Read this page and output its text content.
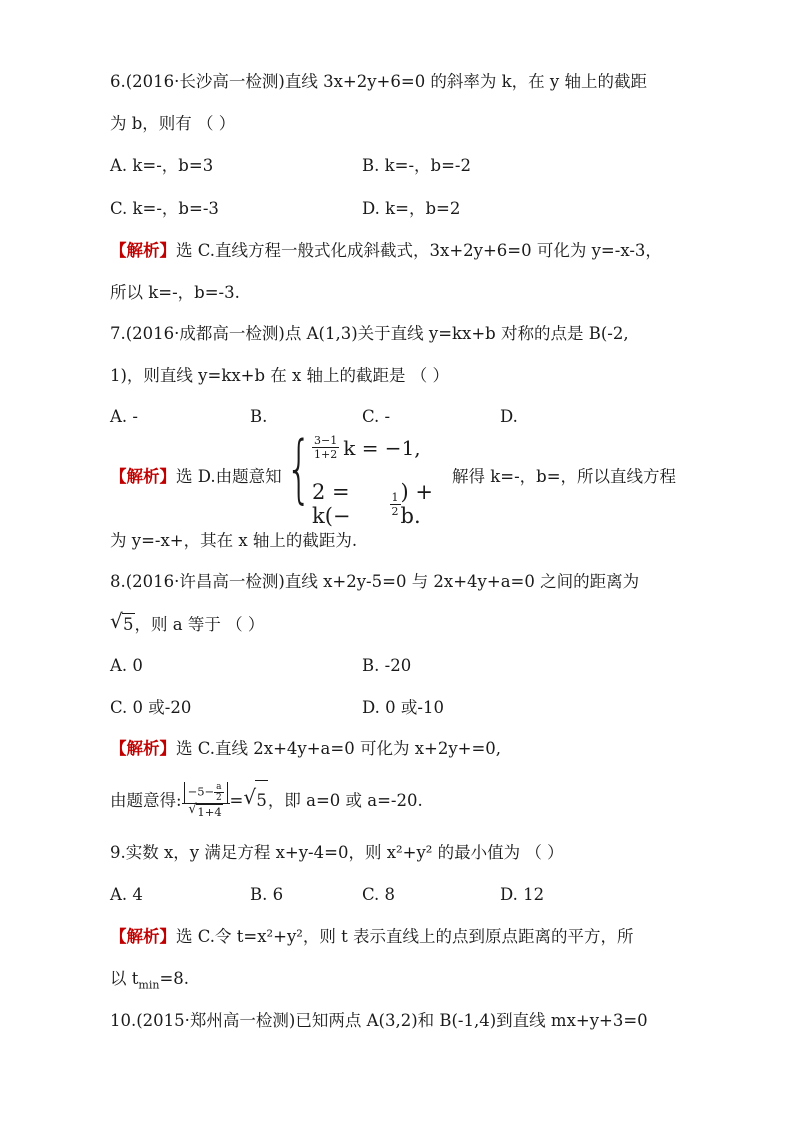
6.(2016·长沙高一检测)直线 3x+2y+6=0 的斜率为 k，在 y 轴上的截距
为 b，则有 （ ）
A. k=-，b=3	B. k=-，b=-2
C. k=-，b=-3	D. k=，b=2
【解析】选 C.直线方程一般式化成斜截式，3x+2y+6=0 可化为 y=-x-3，
所以 k=-，b=-3.
7.(2016·成都高一检测)点 A(1,3)关于直线 y=kx+b 对称的点是 B(-2,
1)，则直线 y=kx+b 在 x 轴上的截距是 （ ）
A. -	B.	C. -	D.
【解析】选 D.由题意知 { $\frac{3-1}{1+2}$ k = −1,
2 = k(−	$\frac{1}{2}$ ) + b.
解得 k=-，b=，所以直线方程
为 y=-x+，其在 x 轴上的截距为.
8.(2016·许昌高一检测)直线 x+2y-5=0 与 2x+4y+a=0 之间的距离为
√ 5，则 a 等于 （ ）
A. 0	B. -20
C. 0 或-20	D. 0 或-10
【解析】选 C.直线 2x+4y+a=0 可化为 x+2y+=0,
由题意得: $\frac{-5- \frac{a}{2}}{√ 1+4}$ = √ 5 ，即 a=0 或 a=-20.
9.实数 x，y 满足方程 x+y-4=0，则 x²+y² 的最小值为 （ ）
A. 4	B. 6	C. 8	D. 12
【解析】选 C.令 t=x²+y²，则 t 表示直线上的点到原点距离的平方，所
以 $t_{min}=8$.
10.(2015·郑州高一检测)已知两点 A(3,2)和 B(-1,4)到直线 mx+y+3=0
